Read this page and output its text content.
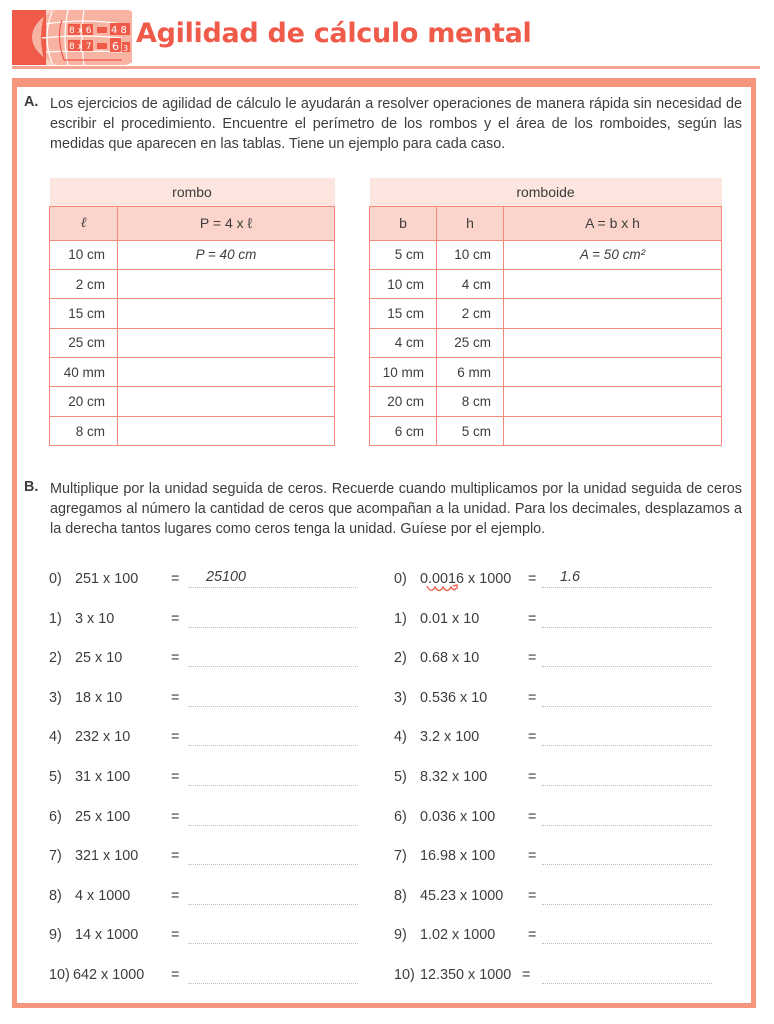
8 x 6 4 8
8 x 7 6 3 Agilidad de cálculo mental
A. Los ejercicios de agilidad de cálculo le ayudarán a resolver operaciones de manera rápida sin necesidad de escribir el procedimiento. Encuentre el perímetro de los rombos y el área de los romboides, según las medidas que aparecen en las tablas. Tiene un ejemplo para cada caso.
rombo	
ℓ	P = 4 x ℓ
10 cm	P = 40 cm
2 cm	
15 cm	
25 cm	
40 mm	
20 cm	
8 cm	
romboide		
b	h	A = b x h
5 cm	10 cm	A = 50 cm²
10 cm	4 cm	
15 cm	2 cm	
4 cm	25 cm	
10 mm	6 mm	
20 cm	8 cm	
6 cm	5 cm	
B. Multiplique por la unidad seguida de ceros. Recuerde cuando multiplicamos por la unidad seguida de ceros agregamos al número la cantidad de ceros que acompañan a la unidad. Para los decimales, desplazamos a la derecha tantos lugares como ceros tenga la unidad. Guíese por el ejemplo.
0) 251 x 100 = 25100
1) 3 x 10	=
2) 25 x 10	=
3) 18 x 10	=
4) 232 x 10	=
5) 31 x 100	=
6) 25 x 100	=
7) 321 x 100 =
8) 4 x 1000	=
9) 14 x 1000 =
10) 642 x 1000 =
0) 0.0016 x 1000 = 1.6
1) 0.01 x 10	=
2) 0.68 x 10	=
3) 0.536 x 10	=
4) 3.2 x 100	=
5) 8.32 x 100	=
6) 0.036 x 100 =
7) 16.98 x 100 =
8) 45.23 x 1000 =
9) 1.02 x 1000 =
10) 12.350 x 1000 =
